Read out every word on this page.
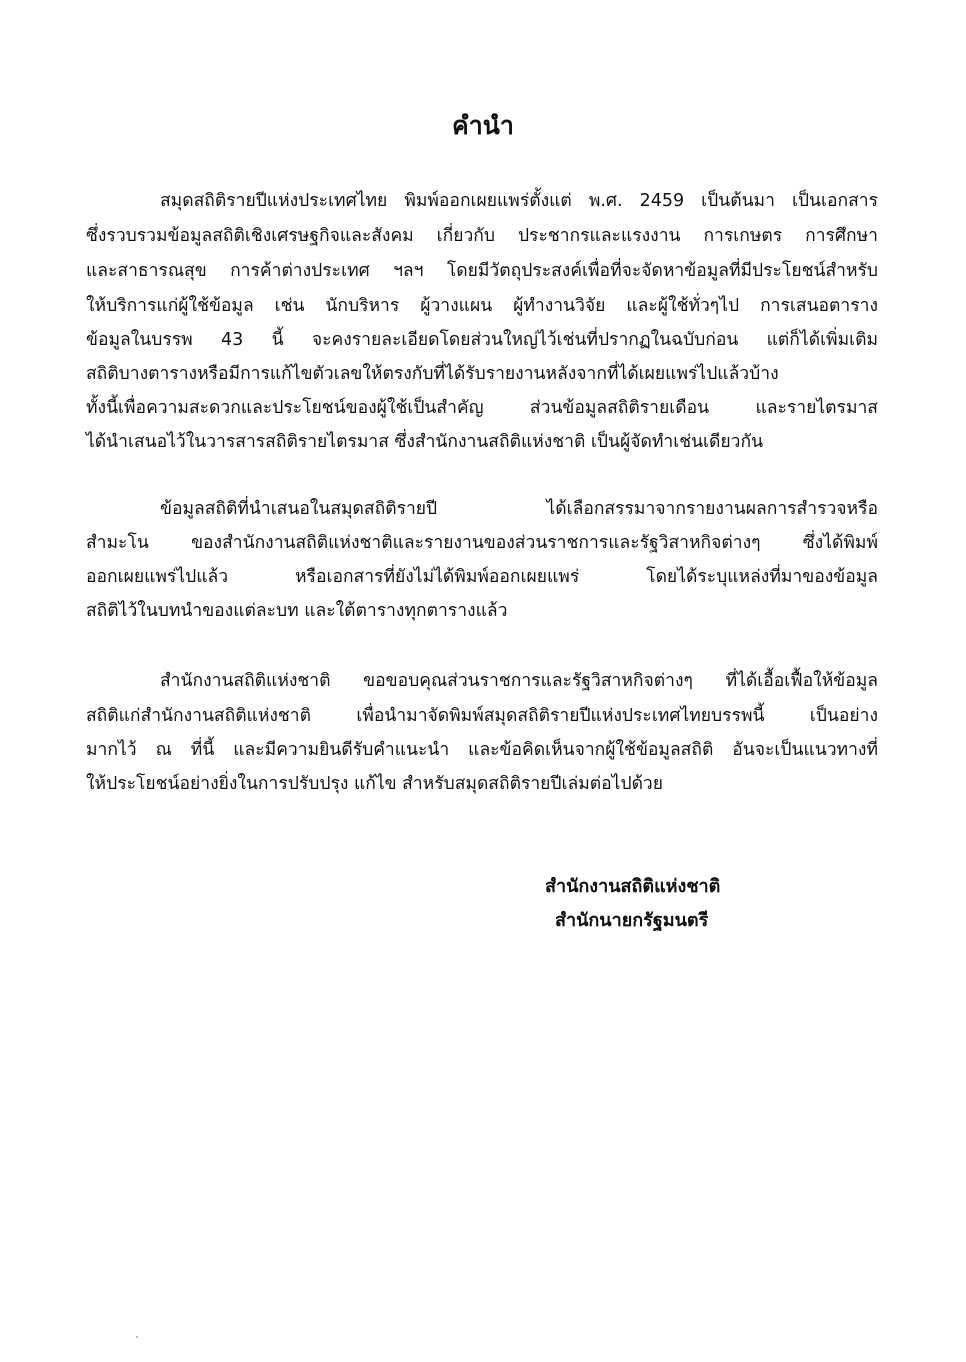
คำนำ
สมุดสถิติรายปีแห่งประเทศไทย พิมพ์ออกเผยแพร่ตั้งแต่ พ.ศ. 2459 เป็นต้นมา เป็นเอกสาร
ซึ่งรวบรวมข้อมูลสถิติเชิงเศรษฐกิจและสังคม เกี่ยวกับ ประชากรและแรงงาน การเกษตร การศึกษา
และสาธารณสุข การค้าต่างประเทศ ฯลฯ โดยมีวัตถุประสงค์เพื่อที่จะจัดหาข้อมูลที่มีประโยชน์สำหรับ
ให้บริการแก่ผู้ใช้ข้อมูล เช่น นักบริหาร ผู้วางแผน ผู้ทำงานวิจัย และผู้ใช้ทั่วๆไป การเสนอตาราง
ข้อมูลในบรรพ 43 นี้ จะคงรายละเอียดโดยส่วนใหญ่ไว้เช่นที่ปรากฏในฉบับก่อน แต่ก็ได้เพิ่มเติม
สถิติบางตารางหรือมีการแก้ไขตัวเลขให้ตรงกับที่ได้รับรายงานหลังจากที่ได้เผยแพร่ไปแล้วบ้าง
ทั้งนี้เพื่อความสะดวกและประโยชน์ของผู้ใช้เป็นสำคัญ ส่วนข้อมูลสถิติรายเดือน และรายไตรมาส
ได้นำเสนอไว้ในวารสารสถิติรายไตรมาส ซึ่งสำนักงานสถิติแห่งชาติ เป็นผู้จัดทำเช่นเดียวกัน
ข้อมูลสถิติที่นำเสนอในสมุดสถิติรายปี ได้เลือกสรรมาจากรายงานผลการสำรวจหรือ
สำมะโน ของสำนักงานสถิติแห่งชาติและรายงานของส่วนราชการและรัฐวิสาหกิจต่างๆ ซึ่งได้พิมพ์
ออกเผยแพร่ไปแล้ว หรือเอกสารที่ยังไม่ได้พิมพ์ออกเผยแพร่ โดยได้ระบุแหล่งที่มาของข้อมูล
สถิติไว้ในบทนำของแต่ละบท และใต้ตารางทุกตารางแล้ว
สำนักงานสถิติแห่งชาติ ขอขอบคุณส่วนราชการและรัฐวิสาหกิจต่างๆ ที่ได้เอื้อเฟื้อให้ข้อมูล
สถิติแก่สำนักงานสถิติแห่งชาติ เพื่อนำมาจัดพิมพ์สมุดสถิติรายปีแห่งประเทศไทยบรรพนี้ เป็นอย่าง
มากไว้ ณ ที่นี้ และมีความยินดีรับคำแนะนำ และข้อคิดเห็นจากผู้ใช้ข้อมูลสถิติ อันจะเป็นแนวทางที่
ให้ประโยชน์อย่างยิ่งในการปรับปรุง แก้ไข สำหรับสมุดสถิติรายปีเล่มต่อไปด้วย
สำนักงานสถิติแห่งชาติ
สำนักนายกรัฐมนตรี
